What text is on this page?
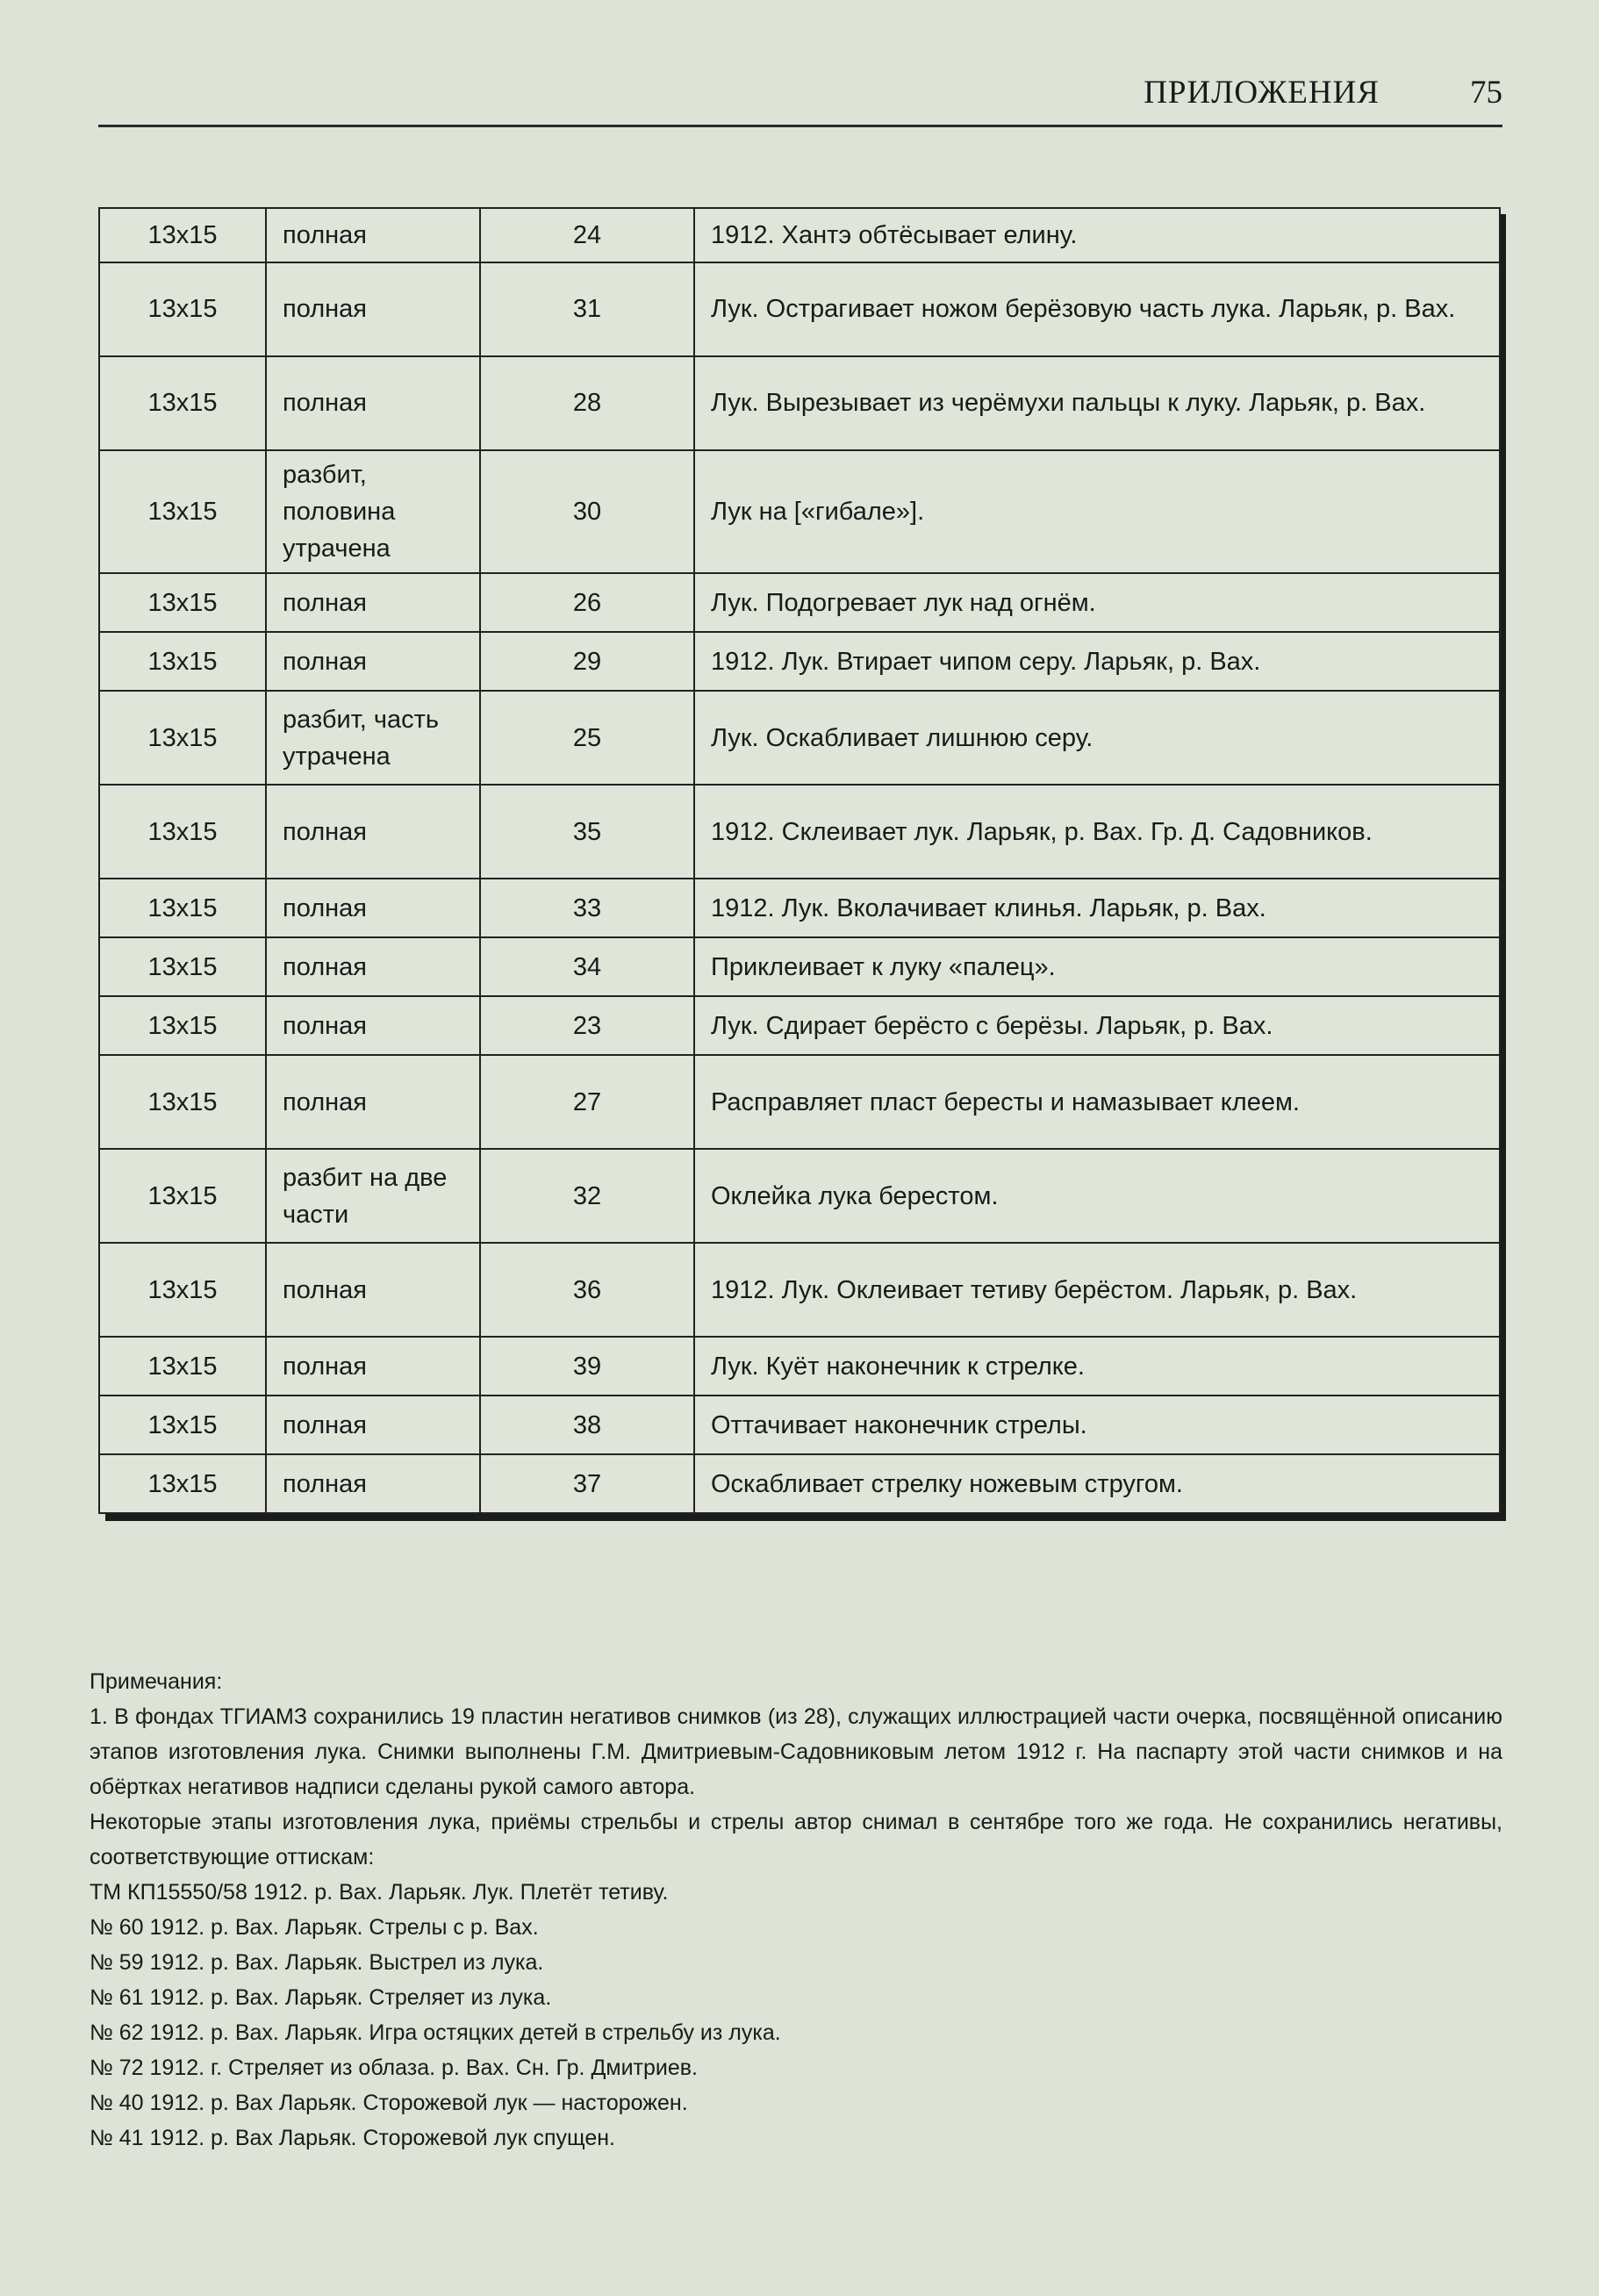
ПРИЛОЖЕНИЯ	75
13х15	полная	24	1912. Хантэ обтёсывает елину.
13х15	полная	31	Лук. Остpагивает ножом берёзовую часть лука. Ларьяк, р. Вах.
13х15	полная	28	Лук. Вырезывает из черёмухи пальцы к луку. Ларьяк, р. Вах.
13х15	разбит, половина утрачена	30	Лук на [«гибале»].
13х15	полная	26	Лук. Подогревает лук над огнём.
13х15	полная	29	1912. Лук. Втирает чипом серу. Ларьяк, р. Вах.
13х15	разбит, часть утрачена	25	Лук. Оскабливает лишнюю серу.
13х15	полная	35	1912. Склеивает лук. Ларьяк, р. Вах. Гр. Д. Садовников.
13х15	полная	33	1912. Лук. Вколачивает клинья. Ларьяк, р. Вах.
13х15	полная	34	Приклеивает к луку «палец».
13х15	полная	23	Лук. Сдирает берёсто с берёзы. Ларьяк, р. Вах.
13х15	полная	27	Расправляет пласт бересты и намазывает клеем.
13х15	разбит на две части	32	Оклейка лука берестом.
13х15	полная	36	1912. Лук. Оклеивает тетиву берёстом. Ларьяк, р. Вах.
13х15	полная	39	Лук. Куёт наконечник к стрелке.
13х15	полная	38	Оттачивает наконечник стрелы.
13х15	полная	37	Оскабливает стрелку ножевым стругом.

Примечания:

1. В фондах ТГИАМЗ сохранились 19 пластин негативов снимков (из 28), служащих иллюстрацией части очерка, посвящённой описанию этапов изготовления лука. Снимки выполнены Г.М. Дмитриевым-Садовниковым летом 1912 г. На паспарту этой части снимков и на обёртках негативов надписи сделаны рукой самого автора.

Некоторые этапы изготовления лука, приёмы стрельбы и стрелы автор снимал в сентябре того же года. Не сохранились негативы, соответствующие оттискам:

ТМ КП15550/58 1912. р. Вах. Ларьяк. Лук. Плетёт тетиву.

№ 60 1912. р. Вах. Ларьяк. Стрелы с р. Вах.

№ 59 1912. р. Вах. Ларьяк. Выстрел из лука.

№ 61 1912. р. Вах. Ларьяк. Стреляет из лука.

№ 62 1912. р. Вах. Ларьяк. Игра остяцких детей в стрельбу из лука.

№ 72 1912. г. Стреляет из облаза. р. Вах. Сн. Гр. Дмитриев.

№ 40 1912. р. Вах Ларьяк. Сторожевой лук — насторожен.

№ 41 1912. р. Вах Ларьяк. Сторожевой лук спущен.
